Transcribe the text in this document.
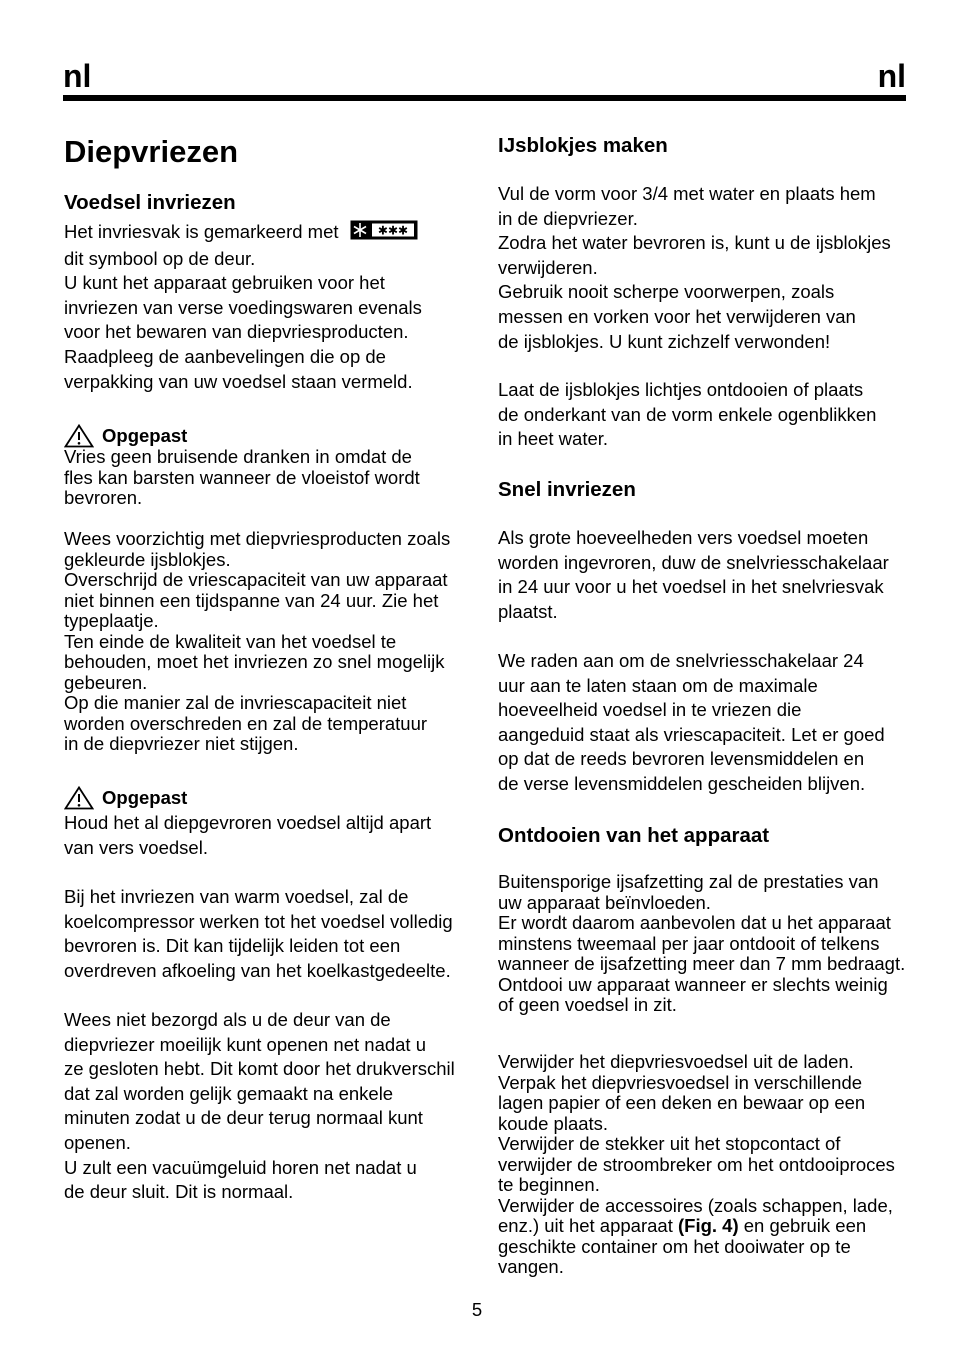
nl	nl
Diepvriezen
Voedsel invriezen
Het invriesvak is gemarkeerd met	✱✱✱
dit symbool op de deur.
U kunt het apparaat gebruiken voor het
invriezen van verse voedingswaren evenals
voor het bewaren van diepvriesproducten.
Raadpleeg de aanbevelingen die op de
verpakking van uw voedsel staan vermeld.
Opgepast
Vries geen bruisende dranken in omdat de
fles kan barsten wanneer de vloeistof wordt
bevroren.
Wees voorzichtig met diepvriesproducten zoals
gekleurde ijsblokjes.
Overschrijd de vriescapaciteit van uw apparaat
niet binnen een tijdspanne van 24 uur. Zie het
typeplaatje.
Ten einde de kwaliteit van het voedsel te
behouden, moet het invriezen zo snel mogelijk
gebeuren.
Op die manier zal de invriescapaciteit niet
worden overschreden en zal de temperatuur
in de diepvriezer niet stijgen.
Opgepast
Houd het al diepgevroren voedsel altijd apart
van vers voedsel.
Bij het invriezen van warm voedsel, zal de
koelcompressor werken tot het voedsel volledig
bevroren is. Dit kan tijdelijk leiden tot een
overdreven afkoeling van het koelkastgedeelte.
Wees niet bezorgd als u de deur van de
diepvriezer moeilijk kunt openen net nadat u
ze gesloten hebt. Dit komt door het drukverschil
dat zal worden gelijk gemaakt na enkele
minuten zodat u de deur terug normaal kunt
openen.
U zult een vacuümgeluid horen net nadat u
de deur sluit. Dit is normaal.
IJsblokjes maken
Vul de vorm voor 3/4 met water en plaats hem
in de diepvriezer.
Zodra het water bevroren is, kunt u de ijsblokjes
verwijderen.
Gebruik nooit scherpe voorwerpen, zoals
messen en vorken voor het verwijderen van
de ijsblokjes. U kunt zichzelf verwonden!
Laat de ijsblokjes lichtjes ontdooien of plaats
de onderkant van de vorm enkele ogenblikken
in heet water.
Snel invriezen
Als grote hoeveelheden vers voedsel moeten
worden ingevroren, duw de snelvriesschakelaar
in 24 uur voor u het voedsel in het snelvriesvak
plaatst.
We raden aan om de snelvriesschakelaar 24
uur aan te laten staan om de maximale
hoeveelheid voedsel in te vriezen die
aangeduid staat als vriescapaciteit. Let er goed
op dat de reeds bevroren levensmiddelen en
de verse levensmiddelen gescheiden blijven.
Ontdooien van het apparaat
Buitensporige ijsafzetting zal de prestaties van
uw apparaat beïnvloeden.
Er wordt daarom aanbevolen dat u het apparaat
minstens tweemaal per jaar ontdooit of telkens
wanneer de ijsafzetting meer dan 7 mm bedraagt.
Ontdooi uw apparaat wanneer er slechts weinig
of geen voedsel in zit.
Verwijder het diepvriesvoedsel uit de laden.
Verpak het diepvriesvoedsel in verschillende
lagen papier of een deken en bewaar op een
koude plaats.
Verwijder de stekker uit het stopcontact of
verwijder de stroombreker om het ontdooiproces
te beginnen.
Verwijder de accessoires (zoals schappen, lade,
enz.) uit het apparaat (Fig. 4) en gebruik een
geschikte container om het dooiwater op te
vangen.
5
